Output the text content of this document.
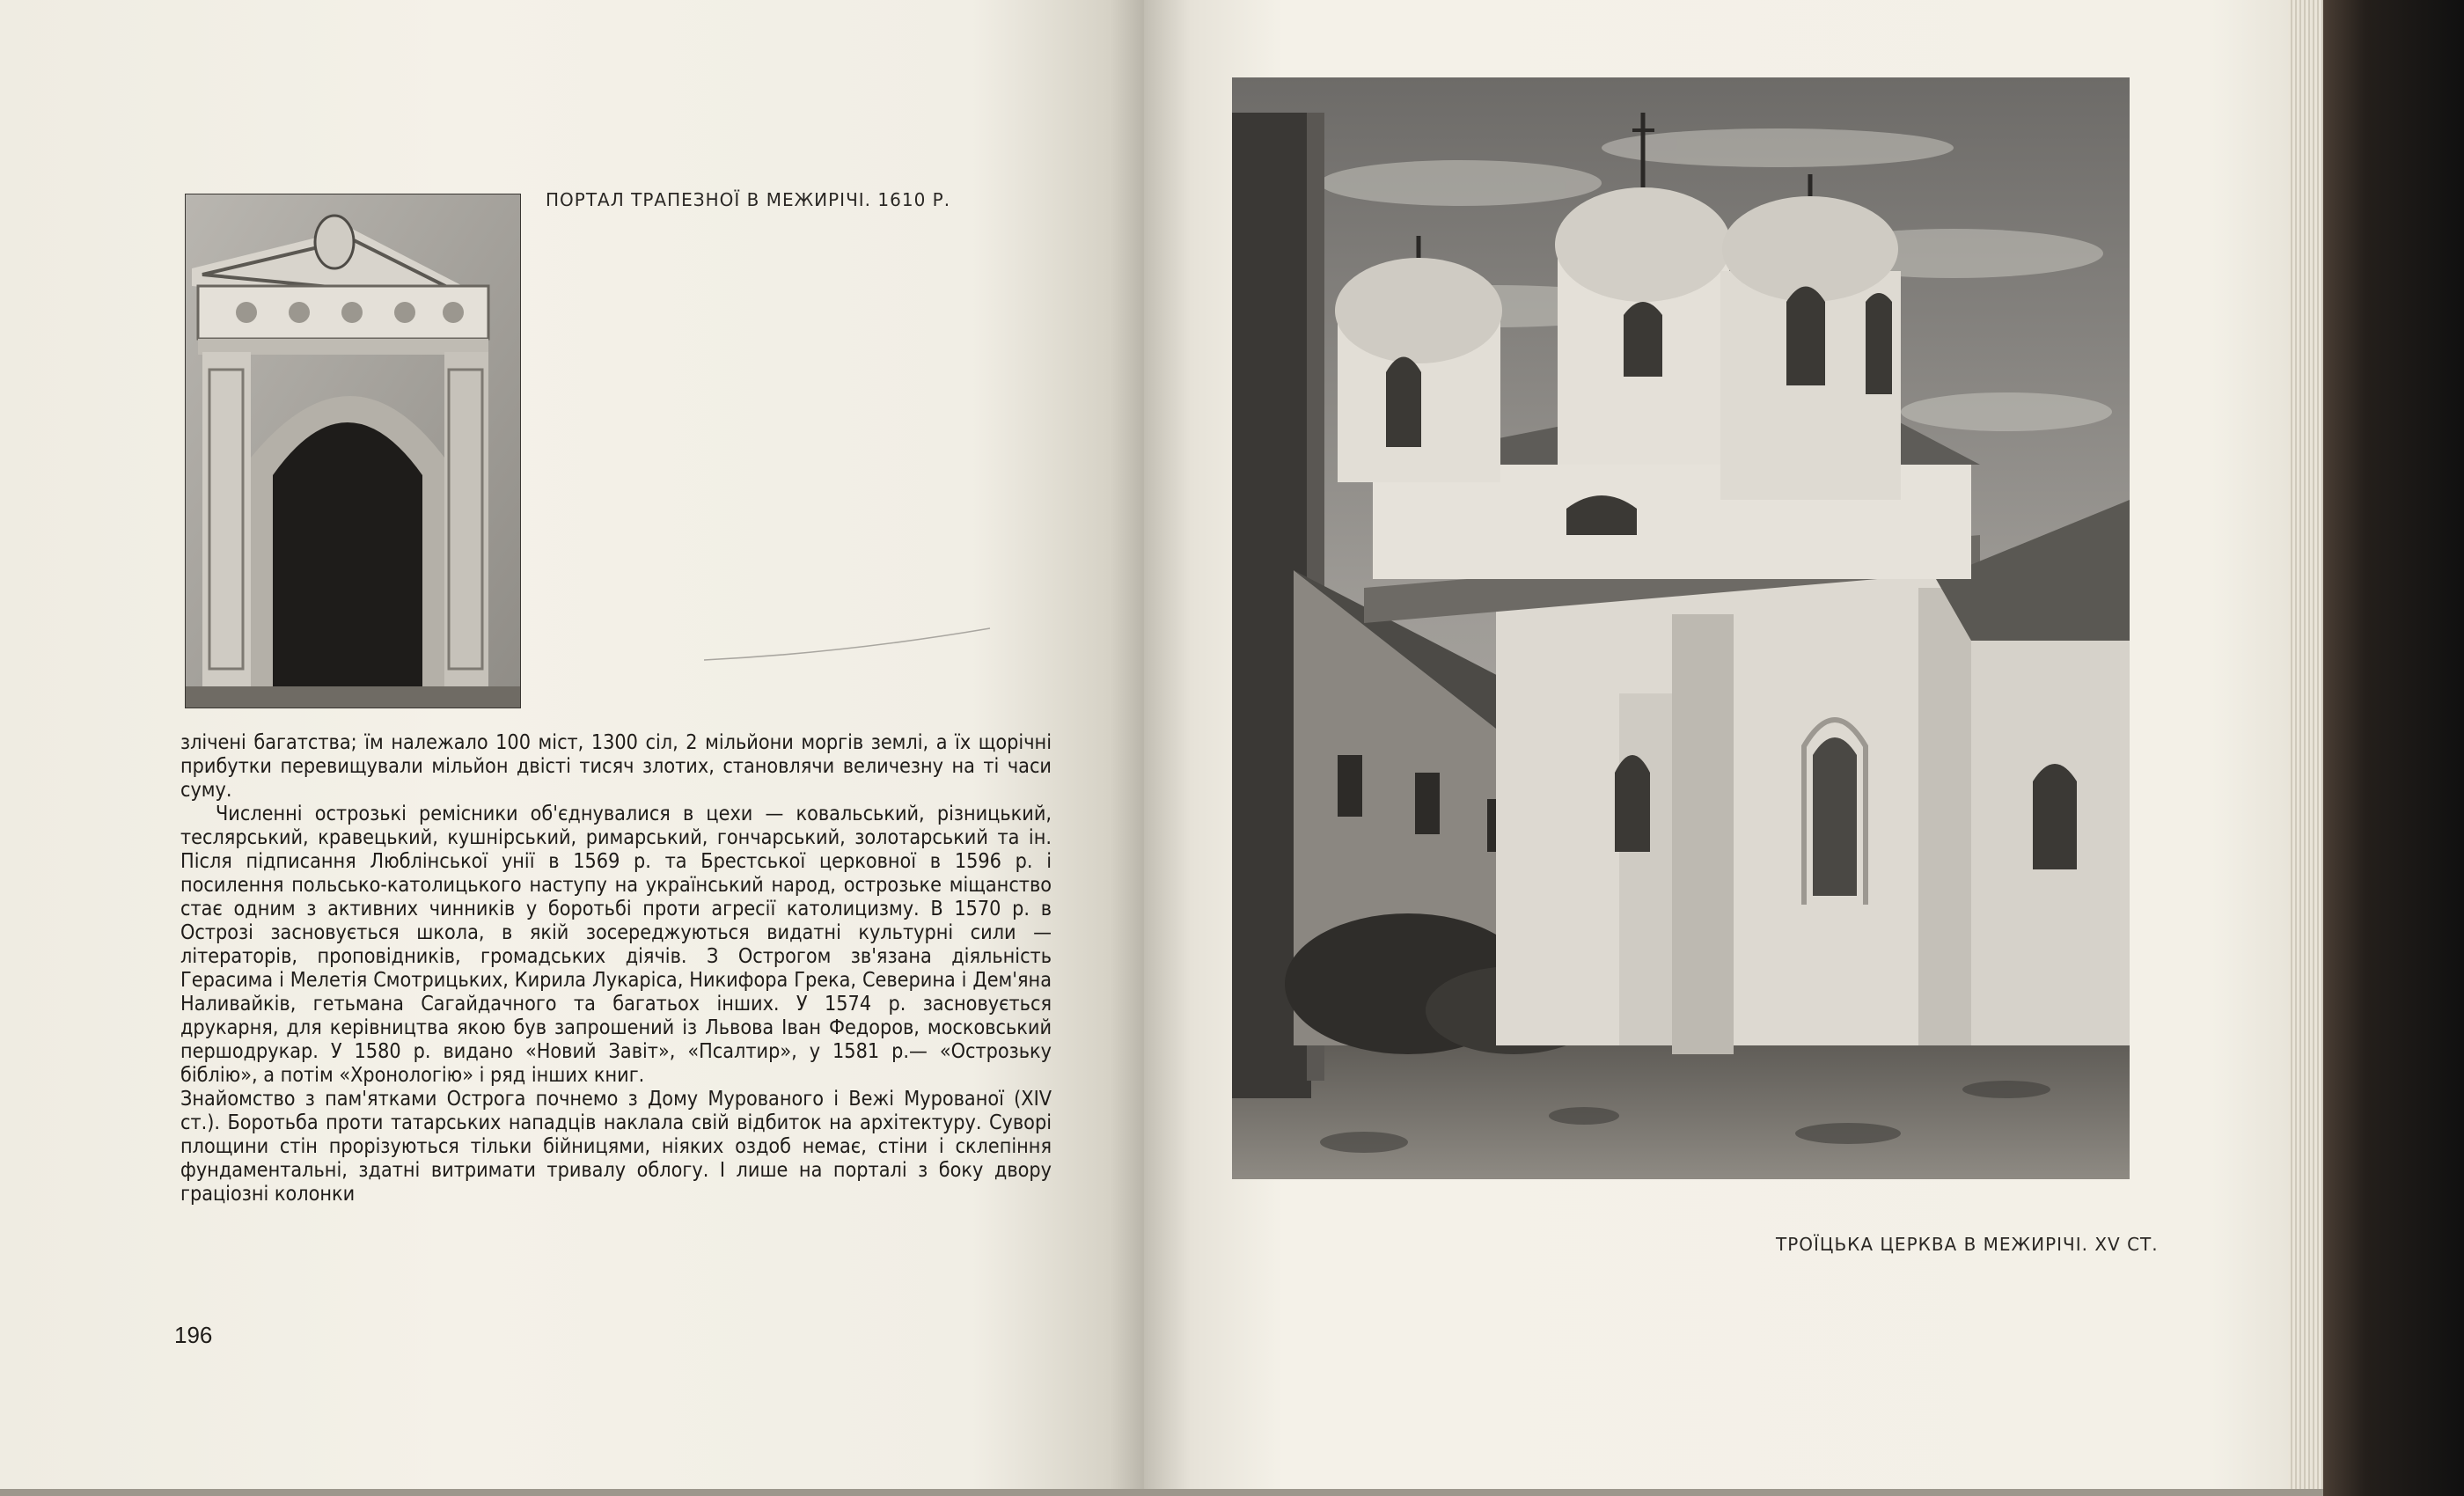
ПОРТАЛ ТРАПЕЗНОЇ В МЕЖИРІЧІ. 1610 Р.

злічені багатства; їм належало 100 міст, 1300 сіл, 2 мільйони моргів землі, а їх щорічні прибутки перевищували мільйон двісті тисяч злотих, становлячи величезну на ті часи суму.

Численні острозькі ремісники об'єднувалися в цехи — ковальський, різницький, теслярський, кравецький, кушнірський, римарський, гончарський, золотарський та ін. Після підписання Люблінської унії в 1569 р. та Брестської церковної в 1596 р. і посилення польсько-католицького наступу на український народ, острозьке міщанство стає одним з активних чинників у боротьбі проти агресії католицизму. В 1570 р. в Острозі засновується школа, в якій зосереджуються видатні культурні сили — літераторів, проповідників, громадських діячів. З Острогом зв'язана діяльність Герасима і Мелетія Смотрицьких, Кирила Лукаріса, Никифора Грека, Северина і Дем'яна Наливайків, гетьмана Сагайдачного та багатьох інших. У 1574 р. засновується друкарня, для керівництва якою був запрошений із Львова Іван Федоров, московський першодрукар. У 1580 р. видано «Новий Завіт», «Псалтир», у 1581 р.— «Острозьку біблію», а потім «Хронологію» і ряд інших книг.

Знайомство з пам'ятками Острога почнемо з Дому Мурованого і Вежі Мурованої (XIV ст.). Боротьба проти татарських нападців наклала свій відбиток на архітектуру. Суворі площини стін прорізуються тільки бійницями, ніяких оздоб немає, стіни і склепіння фундаментальні, здатні витримати тривалу облогу. І лише на порталі з боку двору граціозні колонки

196
ТРОЇЦЬКА ЦЕРКВА В МЕЖИРІЧІ. XV СТ.
